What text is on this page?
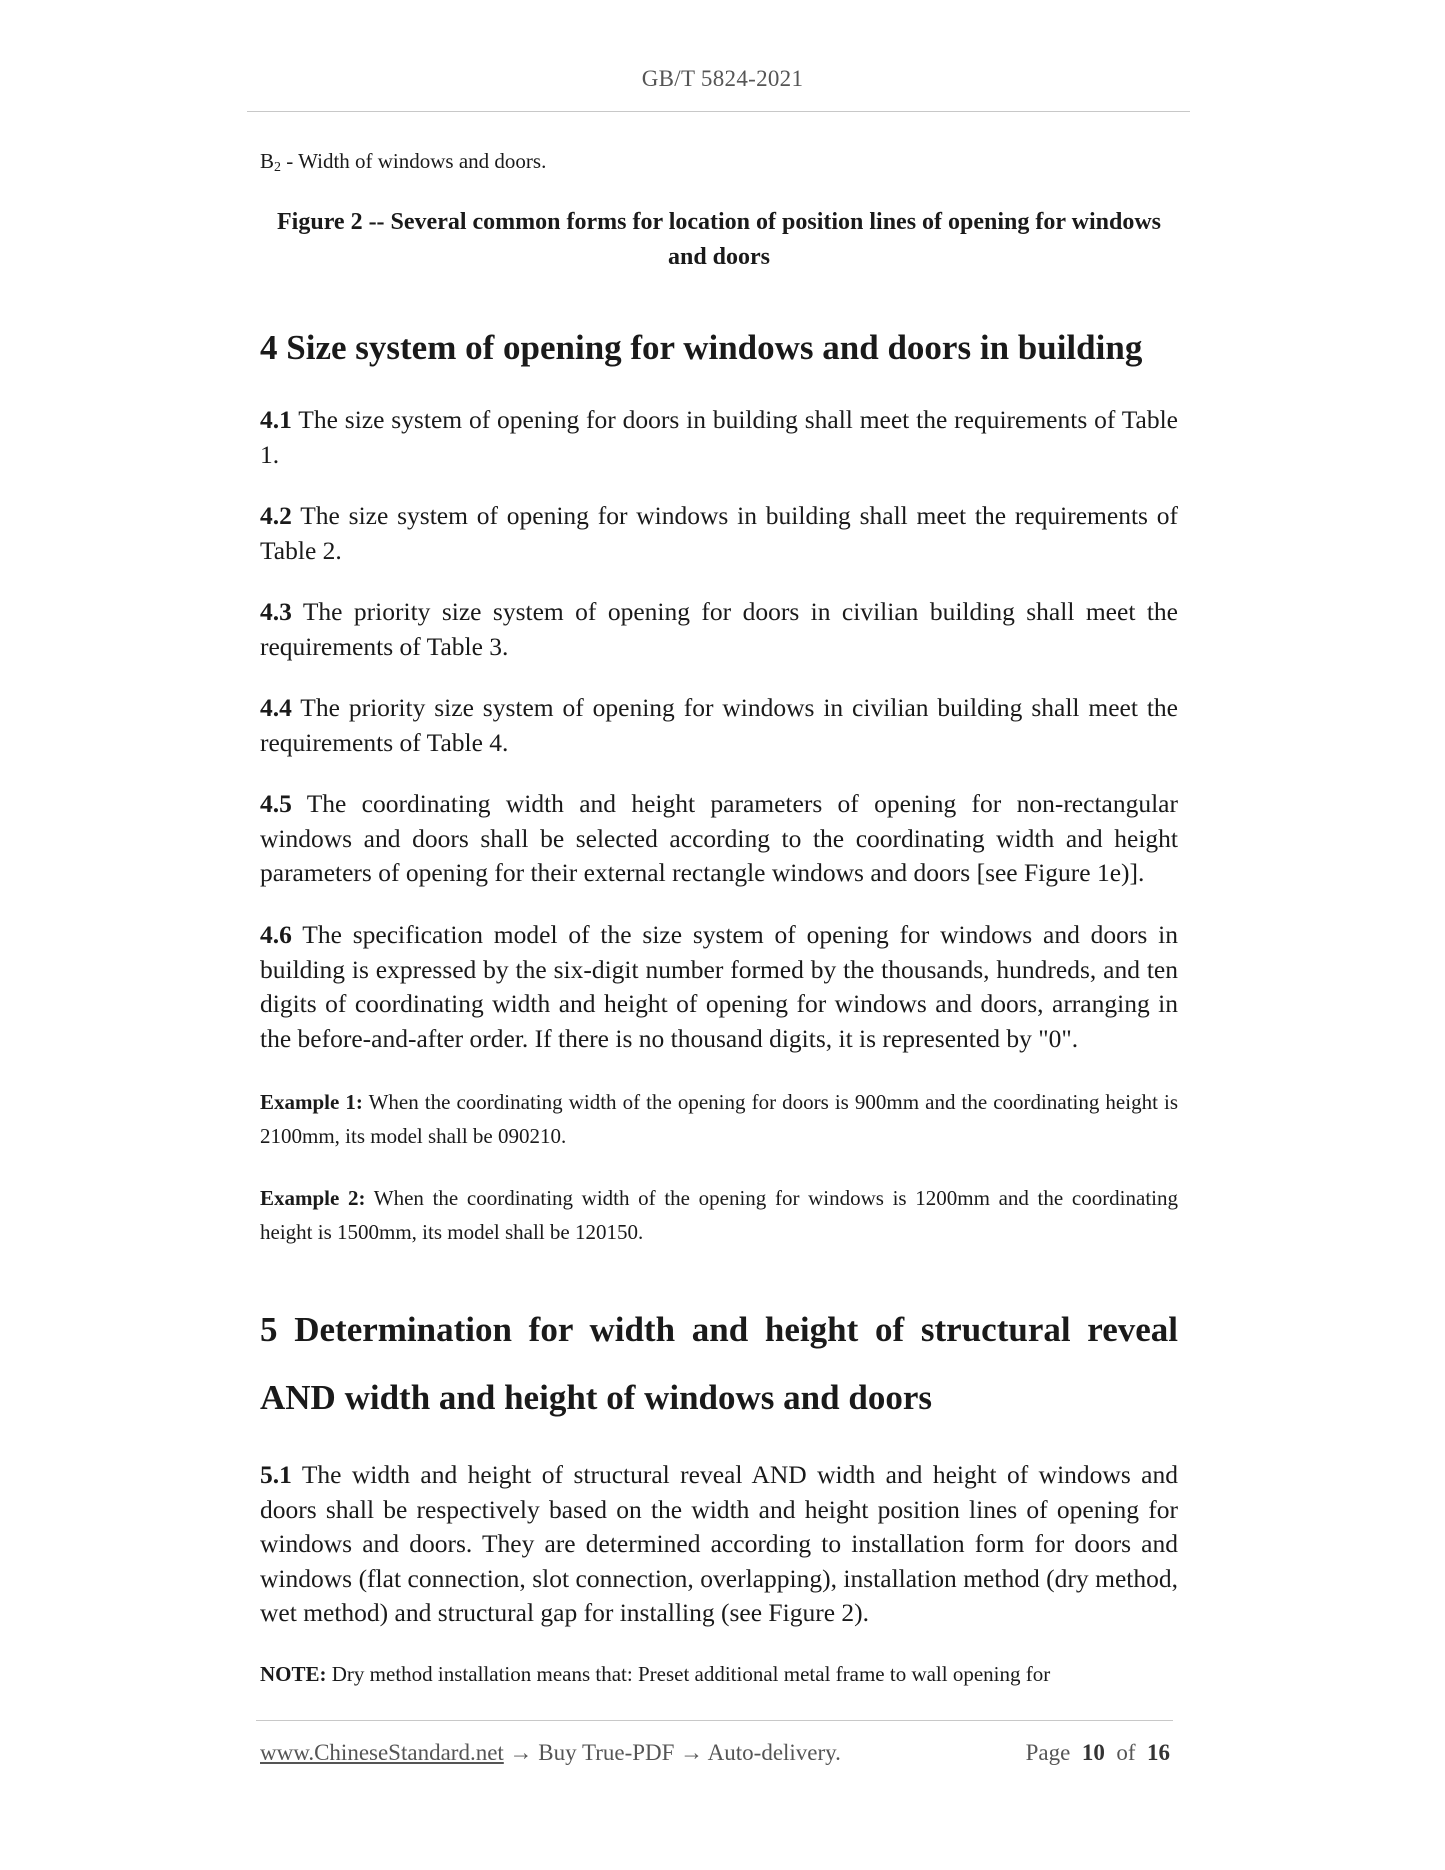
GB/T 5824-2021
$B_2$ - Width of windows and doors.
Figure 2 -- Several common forms for location of position lines of opening for windows and doors
4 Size system of opening for windows and doors in building
4.1 The size system of opening for doors in building shall meet the requirements of Table 1.
4.2 The size system of opening for windows in building shall meet the requirements of Table 2.
4.3 The priority size system of opening for doors in civilian building shall meet the requirements of Table 3.
4.4 The priority size system of opening for windows in civilian building shall meet the requirements of Table 4.
4.5 The coordinating width and height parameters of opening for non-rectangular windows and doors shall be selected according to the coordinating width and height parameters of opening for their external rectangle windows and doors [see Figure 1e)].
4.6 The specification model of the size system of opening for windows and doors in building is expressed by the six-digit number formed by the thousands, hundreds, and ten digits of coordinating width and height of opening for windows and doors, arranging in the before-and-after order. If there is no thousand digits, it is represented by "0".
Example 1: When the coordinating width of the opening for doors is 900mm and the coordinating height is 2100mm, its model shall be 090210.
Example 2: When the coordinating width of the opening for windows is 1200mm and the coordinating height is 1500mm, its model shall be 120150.
5 Determination for width and height of structural reveal AND width and height of windows and doors
5.1 The width and height of structural reveal AND width and height of windows and doors shall be respectively based on the width and height position lines of opening for windows and doors. They are determined according to installation form for doors and windows (flat connection, slot connection, overlapping), installation method (dry method, wet method) and structural gap for installing (see Figure 2).
NOTE: Dry method installation means that: Preset additional metal frame to wall opening for
www.ChineseStandard.net → Buy True-PDF → Auto-delivery.	Page 10 of 16
